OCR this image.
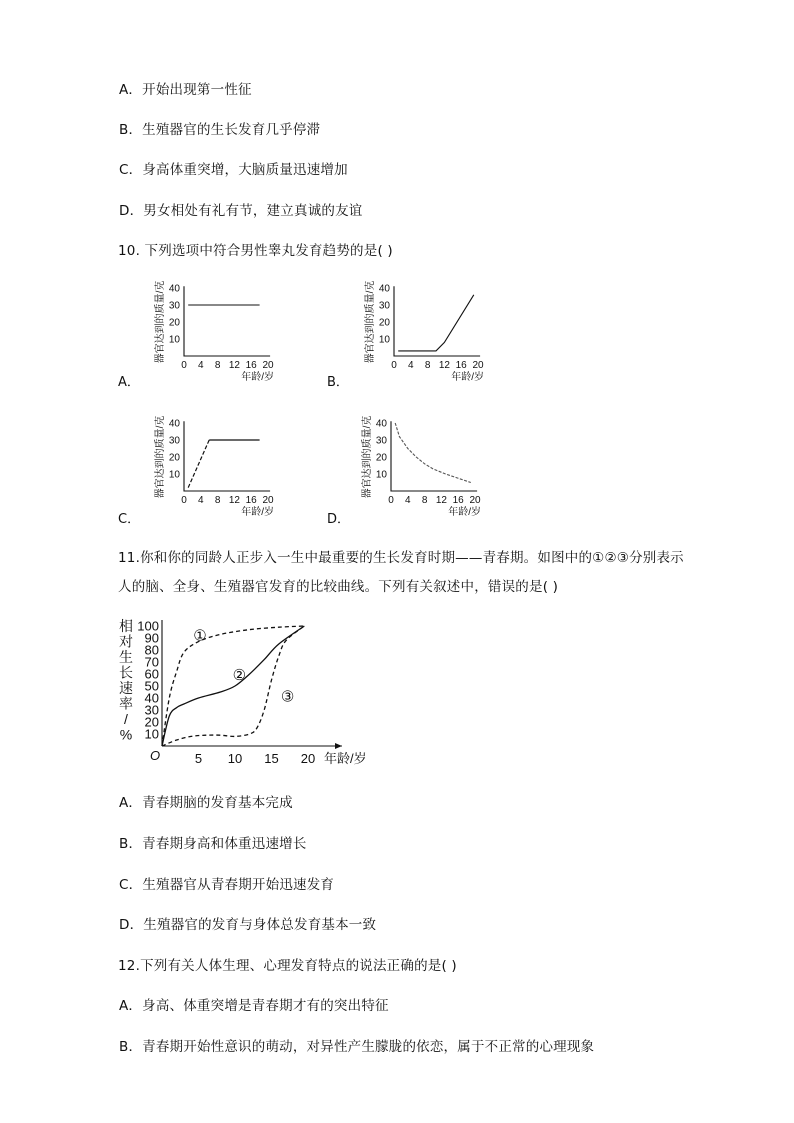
A．开始出现第一性征
B．生殖器官的生长发育几乎停滞
C．身高体重突增，大脑质量迅速增加
D．男女相处有礼有节，建立真诚的友谊
10. 下列选项中符合男性睾丸发育趋势的是( )
A．	B．
C．	D．
40
30
20
10
0 4 8 12 16 20
器官达到的质量/克
年龄/岁
40
30
20
10
0 4 8 12 16 20
器官达到的质量/克
年龄/岁
40
30
20
10
0 4 8 12 16 20
器官达到的质量/克
年龄/岁
40
30
20
10
0 4 8 12 16 20
器官达到的质量/克
年龄/岁
11.你和你的同龄人正步入一生中最重要的生长发育时期——青春期。如图中的①②③分别表示
人的脑、全身、生殖器官发育的比较曲线。下列有关叙述中，错误的是( )
100
90
80
70
60
50
40
30
20
10
5 10 15 20
O	年龄/岁
相
对
生
长
速
率
/
%
①
②
③
A．青春期脑的发育基本完成
B．青春期身高和体重迅速增长
C．生殖器官从青春期开始迅速发育
D．生殖器官的发育与身体总发育基本一致
12.下列有关人体生理、心理发育特点的说法正确的是( )
A．身高、体重突增是青春期才有的突出特征
B．青春期开始性意识的萌动，对异性产生朦胧的依恋，属于不正常的心理现象
